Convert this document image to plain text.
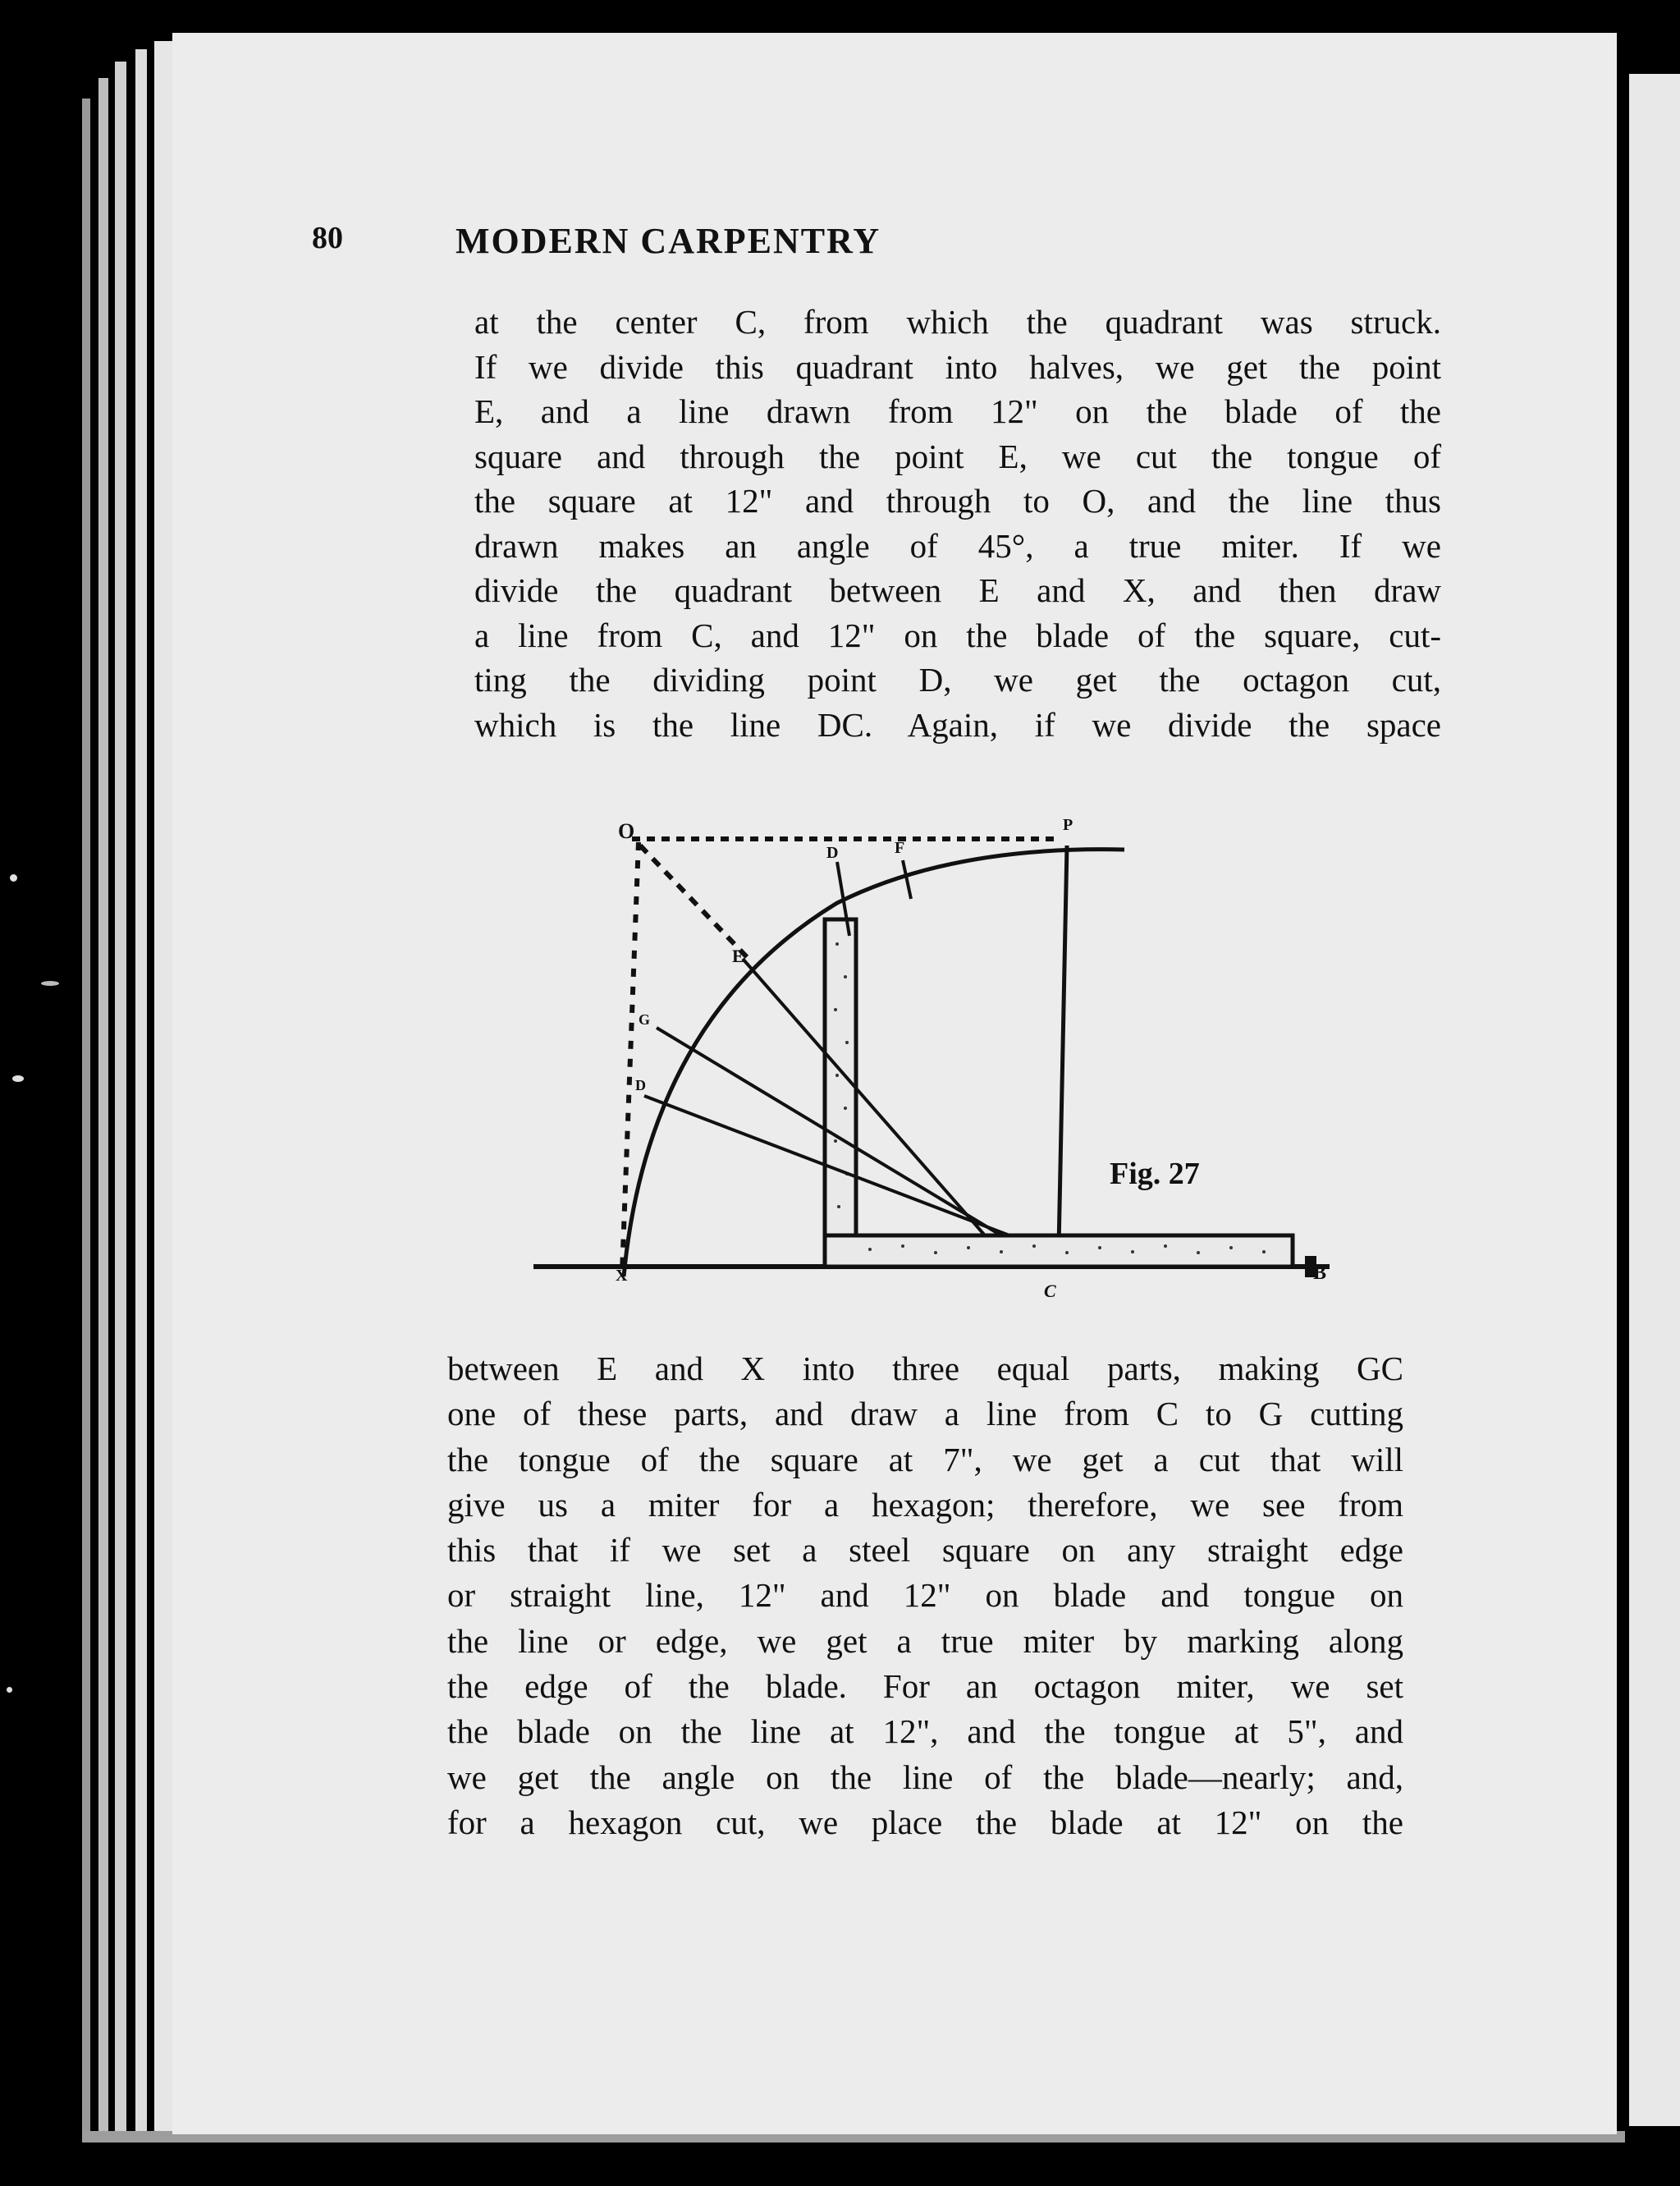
80	MODERN CARPENTRY

at the center C, from which the quadrant was struck.
If we divide this quadrant into halves, we get the point
E, and a line drawn from 12" on the blade of the
square and through the point E, we cut the tongue of
the square at 12" and through to O, and the line thus
drawn makes an angle of 45°, a true miter. If we
divide the quadrant between E and X, and then draw
a line from C, and 12" on the blade of the square, cut-
ting the dividing point D, we get the octagon cut,
which is the line DC. Again, if we divide the space

O	P
D	F
E
G
D
X
C
B
Fig. 27

between E and X into three equal parts, making GC
one of these parts, and draw a line from C to G cutting
the tongue of the square at 7", we get a cut that will
give us a miter for a hexagon; therefore, we see from
this that if we set a steel square on any straight edge
or straight line, 12" and 12" on blade and tongue on
the line or edge, we get a true miter by marking along
the edge of the blade. For an octagon miter, we set
the blade on the line at 12", and the tongue at 5", and
we get the angle on the line of the blade—nearly; and,
for a hexagon cut, we place the blade at 12" on the
